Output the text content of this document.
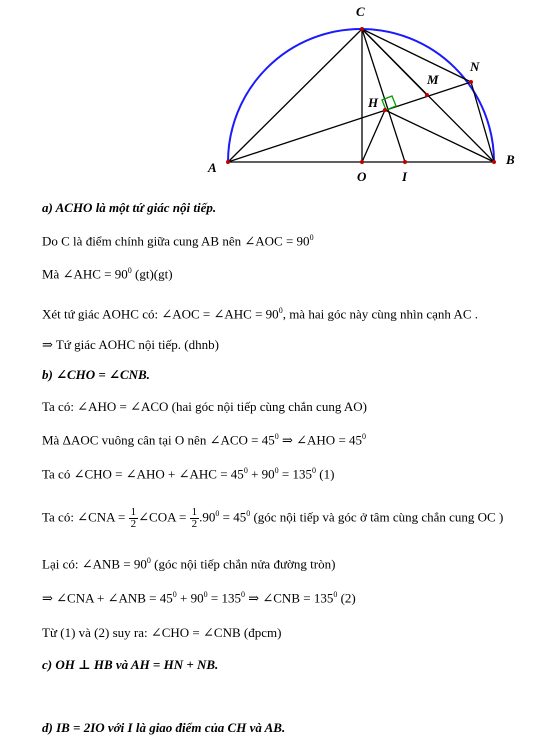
C
N
M
H
A
O	I
B
a) ACHO là một tứ giác nội tiếp.
Do C là điểm chính giữa cung AB nên ∠AOC = $90^0$
Mà ∠AHC = $90^0$ (gt)(gt)
Xét tứ giác AOHC có: ∠AOC = ∠AHC = $90^0$, mà hai góc này cùng nhìn cạnh AC .
⇒ Tứ giác AOHC nội tiếp. (dhnb)
b) ∠CHO = ∠CNB.
Ta có: ∠AHO = ∠ACO (hai góc nội tiếp cùng chắn cung AO)
Mà ΔAOC vuông cân tại O nên ∠ACO = $45^0$ ⇒ ∠AHO = $45^0$
Ta có ∠CHO = ∠AHO + ∠AHC = $45^0 + 90^0 = 135^0$ (1)
Ta có: ∠CNA = $\frac{1}{2}$ ∠COA = $\frac{1}{2} .90^0 = 45^0$ (góc nội tiếp và góc ở tâm cùng chắn cung OC )
Lại có: ∠ANB = $90^0$ (góc nội tiếp chắn nửa đường tròn)
⇒ ∠CNA + ∠ANB = $45^0 + 90^0 = 135^0$ ⇒ ∠CNB = $135^0$ (2)
Từ (1) và (2) suy ra: ∠CHO = ∠CNB (đpcm)
c) OH ⊥ HB và AH = HN + NB.
d) IB = 2IO với I là giao điểm của CH và AB.
